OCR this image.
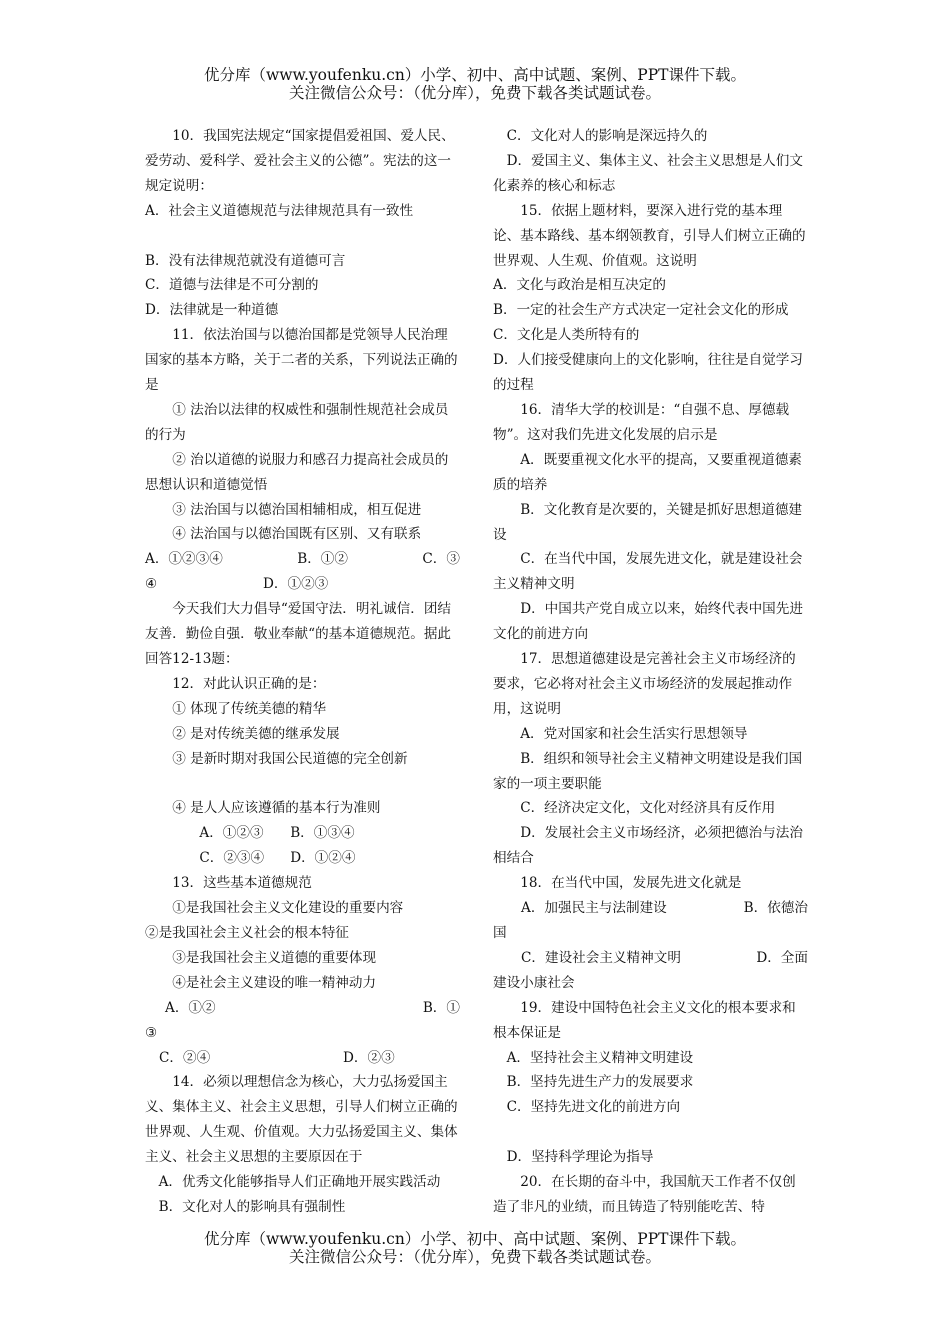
优分库（www.youfenku.cn）小学、初中、高中试题、案例、PPT课件下载。
关注微信公众号：（优分库），免费下载各类试题试卷。

10．我国宪法规定“国家提倡爱祖国、爱人民、爱劳动、爱科学、爱社会主义的公德”。宪法的这一规定说明：

A．社会主义道德规范与法律规范具有一致性

B．没有法律规范就没有道德可言

C．道德与法律是不可分割的

D．法律就是一种道德

11．依法治国与以德治国都是党领导人民治理国家的基本方略，关于二者的关系，下列说法正确的是

① 法治以法律的权威性和强制性规范社会成员的行为

② 治以道德的说服力和感召力提高社会成员的思想认识和道德觉悟

③ 法治国与以德治国相辅相成，相互促进

④ 法治国与以德治国既有区别、又有联系

A．①②③④	B．①②	C．③

④	D．①②③

今天我们大力倡导“爱国守法．明礼诚信．团结友善．勤俭自强．敬业奉献“的基本道德规范。据此回答12-13题：

12．对此认识正确的是：

① 体现了传统美德的精华

② 是对传统美德的继承发展

③ 是新时期对我国公民道德的完全创新

④ 是人人应该遵循的基本行为准则

A．①②③ B．①③④

C．②③④ D．①②④

13．这些基本道德规范

①是我国社会主义文化建设的重要内容

②是我国社会主义社会的根本特征

③是我国社会主义道德的重要体现

④是社会主义建设的唯一精神动力

A．①②	B．①

③

C．②④	D．②③

14．必须以理想信念为核心，大力弘扬爱国主义、集体主义、社会主义思想，引导人们树立正确的世界观、人生观、价值观。大力弘扬爱国主义、集体主义、社会主义思想的主要原因在于

A．优秀文化能够指导人们正确地开展实践活动

B．文化对人的影响具有强制性

C．文化对人的影响是深远持久的

D．爱国主义、集体主义、社会主义思想是人们文化素养的核心和标志

15．依据上题材料，要深入进行党的基本理论、基本路线、基本纲领教育，引导人们树立正确的世界观、人生观、价值观。这说明

A．文化与政治是相互决定的

B．一定的社会生产方式决定一定社会文化的形成

C．文化是人类所特有的

D．人们接受健康向上的文化影响，往往是自觉学习的过程

16．清华大学的校训是：“自强不息、厚德载物”。这对我们先进文化发展的启示是

A．既要重视文化水平的提高，又要重视道德素质的培养

B．文化教育是次要的，关键是抓好思想道德建设

C．在当代中国，发展先进文化，就是建设社会主义精神文明

D．中国共产党自成立以来，始终代表中国先进文化的前进方向

17．思想道德建设是完善社会主义市场经济的要求，它必将对社会主义市场经济的发展起推动作用，这说明

A．党对国家和社会生活实行思想领导

B．组织和领导社会主义精神文明建设是我们国家的一项主要职能

C．经济决定文化，文化对经济具有反作用

D．发展社会主义市场经济，必须把德治与法治相结合

18．在当代中国，发展先进文化就是

A．加强民主与法制建设	B．依德治

国

C．建设社会主义精神文明	D．全面

建设小康社会

19．建设中国特色社会主义文化的根本要求和根本保证是

A．坚持社会主义精神文明建设

B．坚持先进生产力的发展要求

C．坚持先进文化的前进方向

D．坚持科学理论为指导

20．在长期的奋斗中，我国航天工作者不仅创造了非凡的业绩，而且铸造了特别能吃苦、特

优分库（www.youfenku.cn）小学、初中、高中试题、案例、PPT课件下载。
关注微信公众号：（优分库），免费下载各类试题试卷。
